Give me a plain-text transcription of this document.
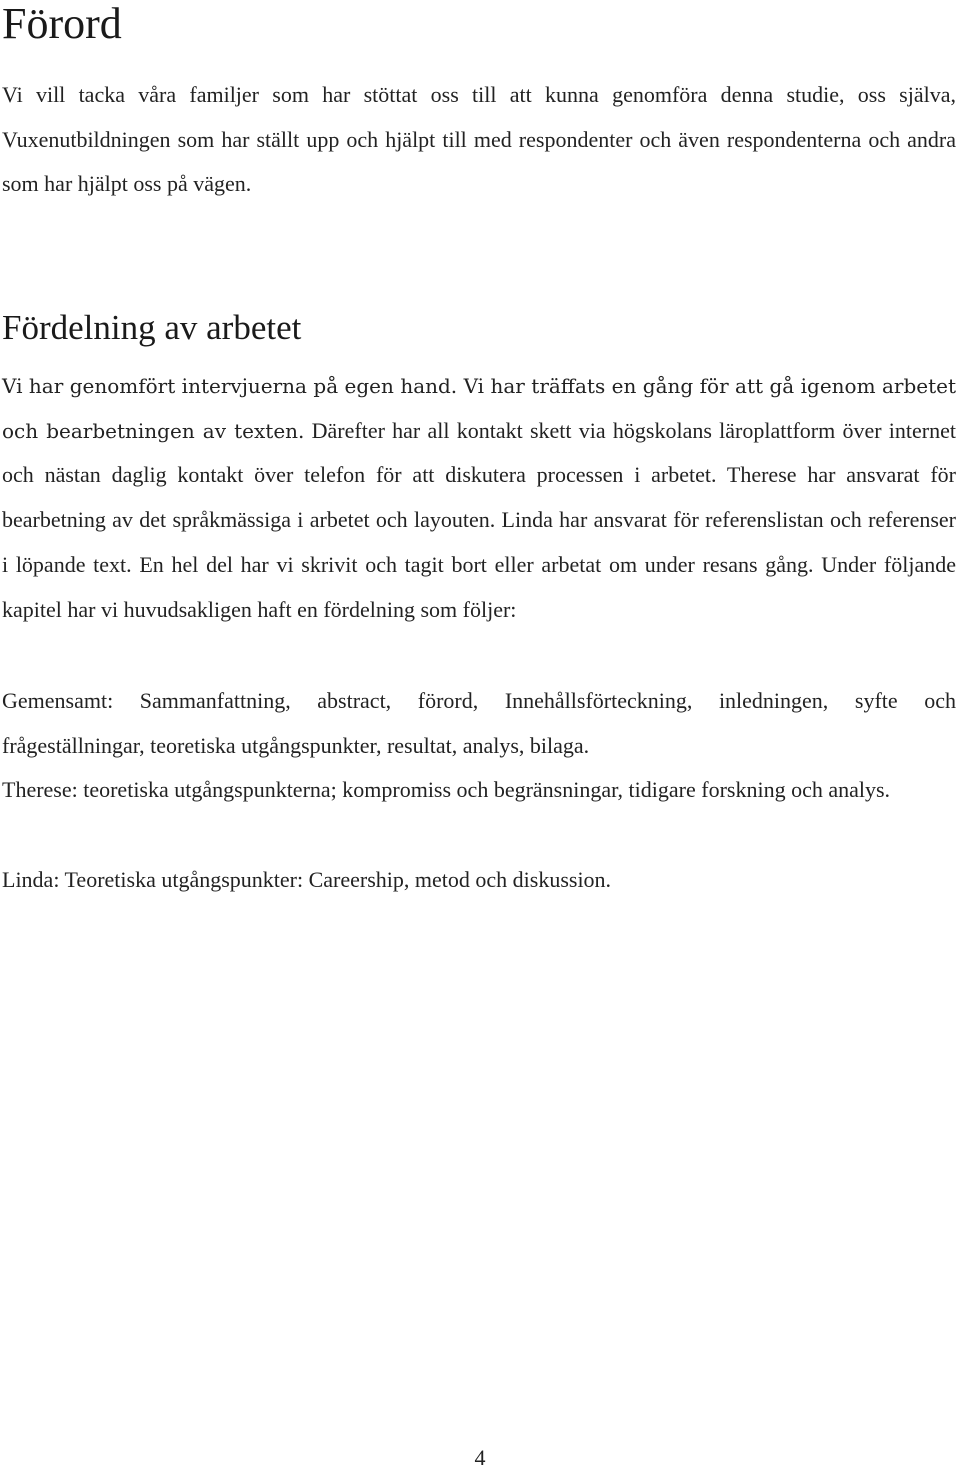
Förord

Vi vill tacka våra familjer som har stöttat oss till att kunna genomföra denna studie, oss själva, Vuxenutbildningen som har ställt upp och hjälpt till med respondenter och även respondenterna och andra som har hjälpt oss på vägen.

Fördelning av arbetet

Vi har genomfört intervjuerna på egen hand. Vi har träffats en gång för att gå igenom arbetet och bearbetningen av texten. Därefter har all kontakt skett via högskolans läroplattform över internet och nästan daglig kontakt över telefon för att diskutera processen i arbetet. Therese har ansvarat för bearbetning av det språkmässiga i arbetet och layouten. Linda har ansvarat för referenslistan och referenser i löpande text. En hel del har vi skrivit och tagit bort eller arbetat om under resans gång. Under följande kapitel har vi huvudsakligen haft en fördelning som följer:

Gemensamt: Sammanfattning, abstract, förord, Innehållsförteckning, inledningen, syfte och frågeställningar, teoretiska utgångspunkter, resultat, analys, bilaga.

Therese: teoretiska utgångspunkterna; kompromiss och begränsningar, tidigare forskning och analys.

Linda: Teoretiska utgångspunkter: Careership, metod och diskussion.

4
